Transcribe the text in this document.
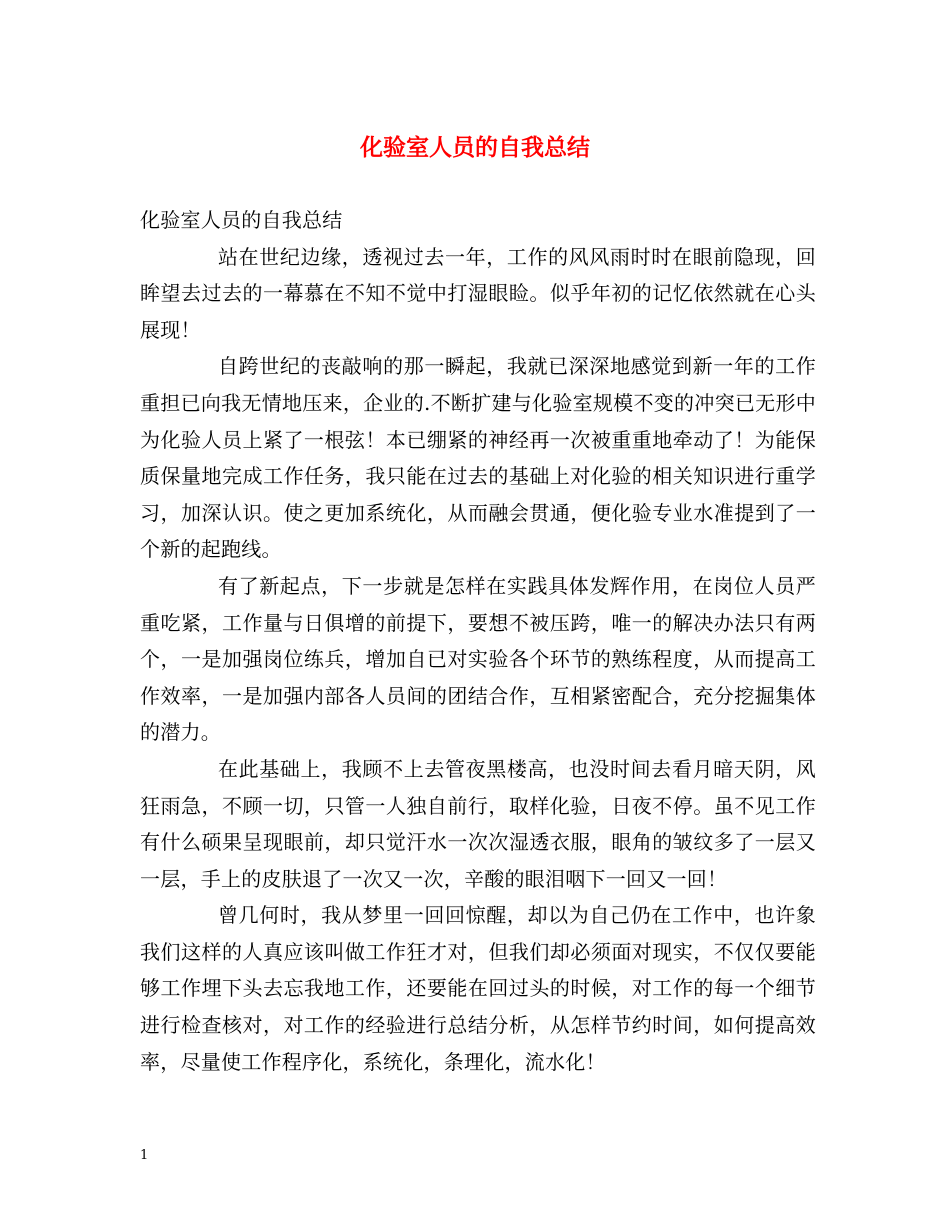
化验室人员的自我总结

化验室人员的自我总结

站在世纪边缘，透视过去一年，工作的风风雨时时在眼前隐现，回眸望去过去的一幕慕在不知不觉中打湿眼睑。似乎年初的记忆依然就在心头展现！

自跨世纪的丧敲响的那一瞬起，我就已深深地感觉到新一年的工作重担已向我无情地压来，企业的.不断扩建与化验室规模不变的冲突已无形中为化验人员上紧了一根弦！本已绷紧的神经再一次被重重地牵动了！为能保质保量地完成工作任务，我只能在过去的基础上对化验的相关知识进行重学习，加深认识。使之更加系统化，从而融会贯通，便化验专业水准提到了一个新的起跑线。

有了新起点，下一步就是怎样在实践具体发辉作用，在岗位人员严重吃紧，工作量与日俱增的前提下，要想不被压跨，唯一的解决办法只有两个，一是加强岗位练兵，增加自已对实验各个环节的熟练程度，从而提高工作效率，一是加强内部各人员间的团结合作，互相紧密配合，充分挖掘集体的潜力。

在此基础上，我顾不上去管夜黑楼高，也没时间去看月暗天阴，风狂雨急，不顾一切，只管一人独自前行，取样化验，日夜不停。虽不见工作有什么硕果呈现眼前，却只觉汗水一次次湿透衣服，眼角的皱纹多了一层又一层，手上的皮肤退了一次又一次，辛酸的眼泪咽下一回又一回！

曾几何时，我从梦里一回回惊醒，却以为自己仍在工作中，也许象我们这样的人真应该叫做工作狂才对，但我们却必须面对现实，不仅仅要能够工作埋下头去忘我地工作，还要能在回过头的时候，对工作的每一个细节进行检查核对，对工作的经验进行总结分析，从怎样节约时间，如何提高效率，尽量使工作程序化，系统化，条理化，流水化！

1
